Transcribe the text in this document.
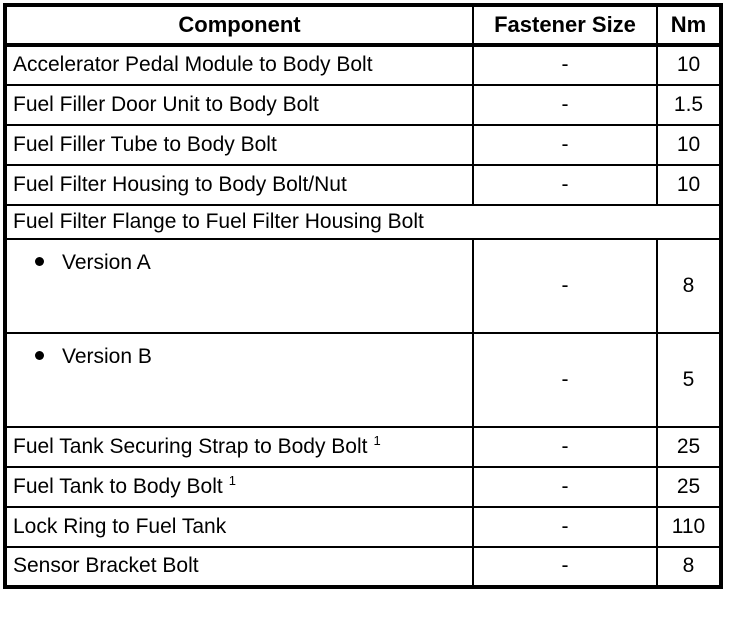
Component	Fastener Size	Nm
Accelerator Pedal Module to Body Bolt	-	10
Fuel Filler Door Unit to Body Bolt	-	1.5
Fuel Filler Tube to Body Bolt	-	10
Fuel Filter Housing to Body Bolt/Nut	-	10
Fuel Filter Flange to Fuel Filter Housing Bolt		
Version A	-	8
Version B	-	5
Fuel Tank Securing Strap to Body Bolt $^1$	-	25
Fuel Tank to Body Bolt $^1$	-	25
Lock Ring to Fuel Tank	-	110
Sensor Bracket Bolt	-	8
